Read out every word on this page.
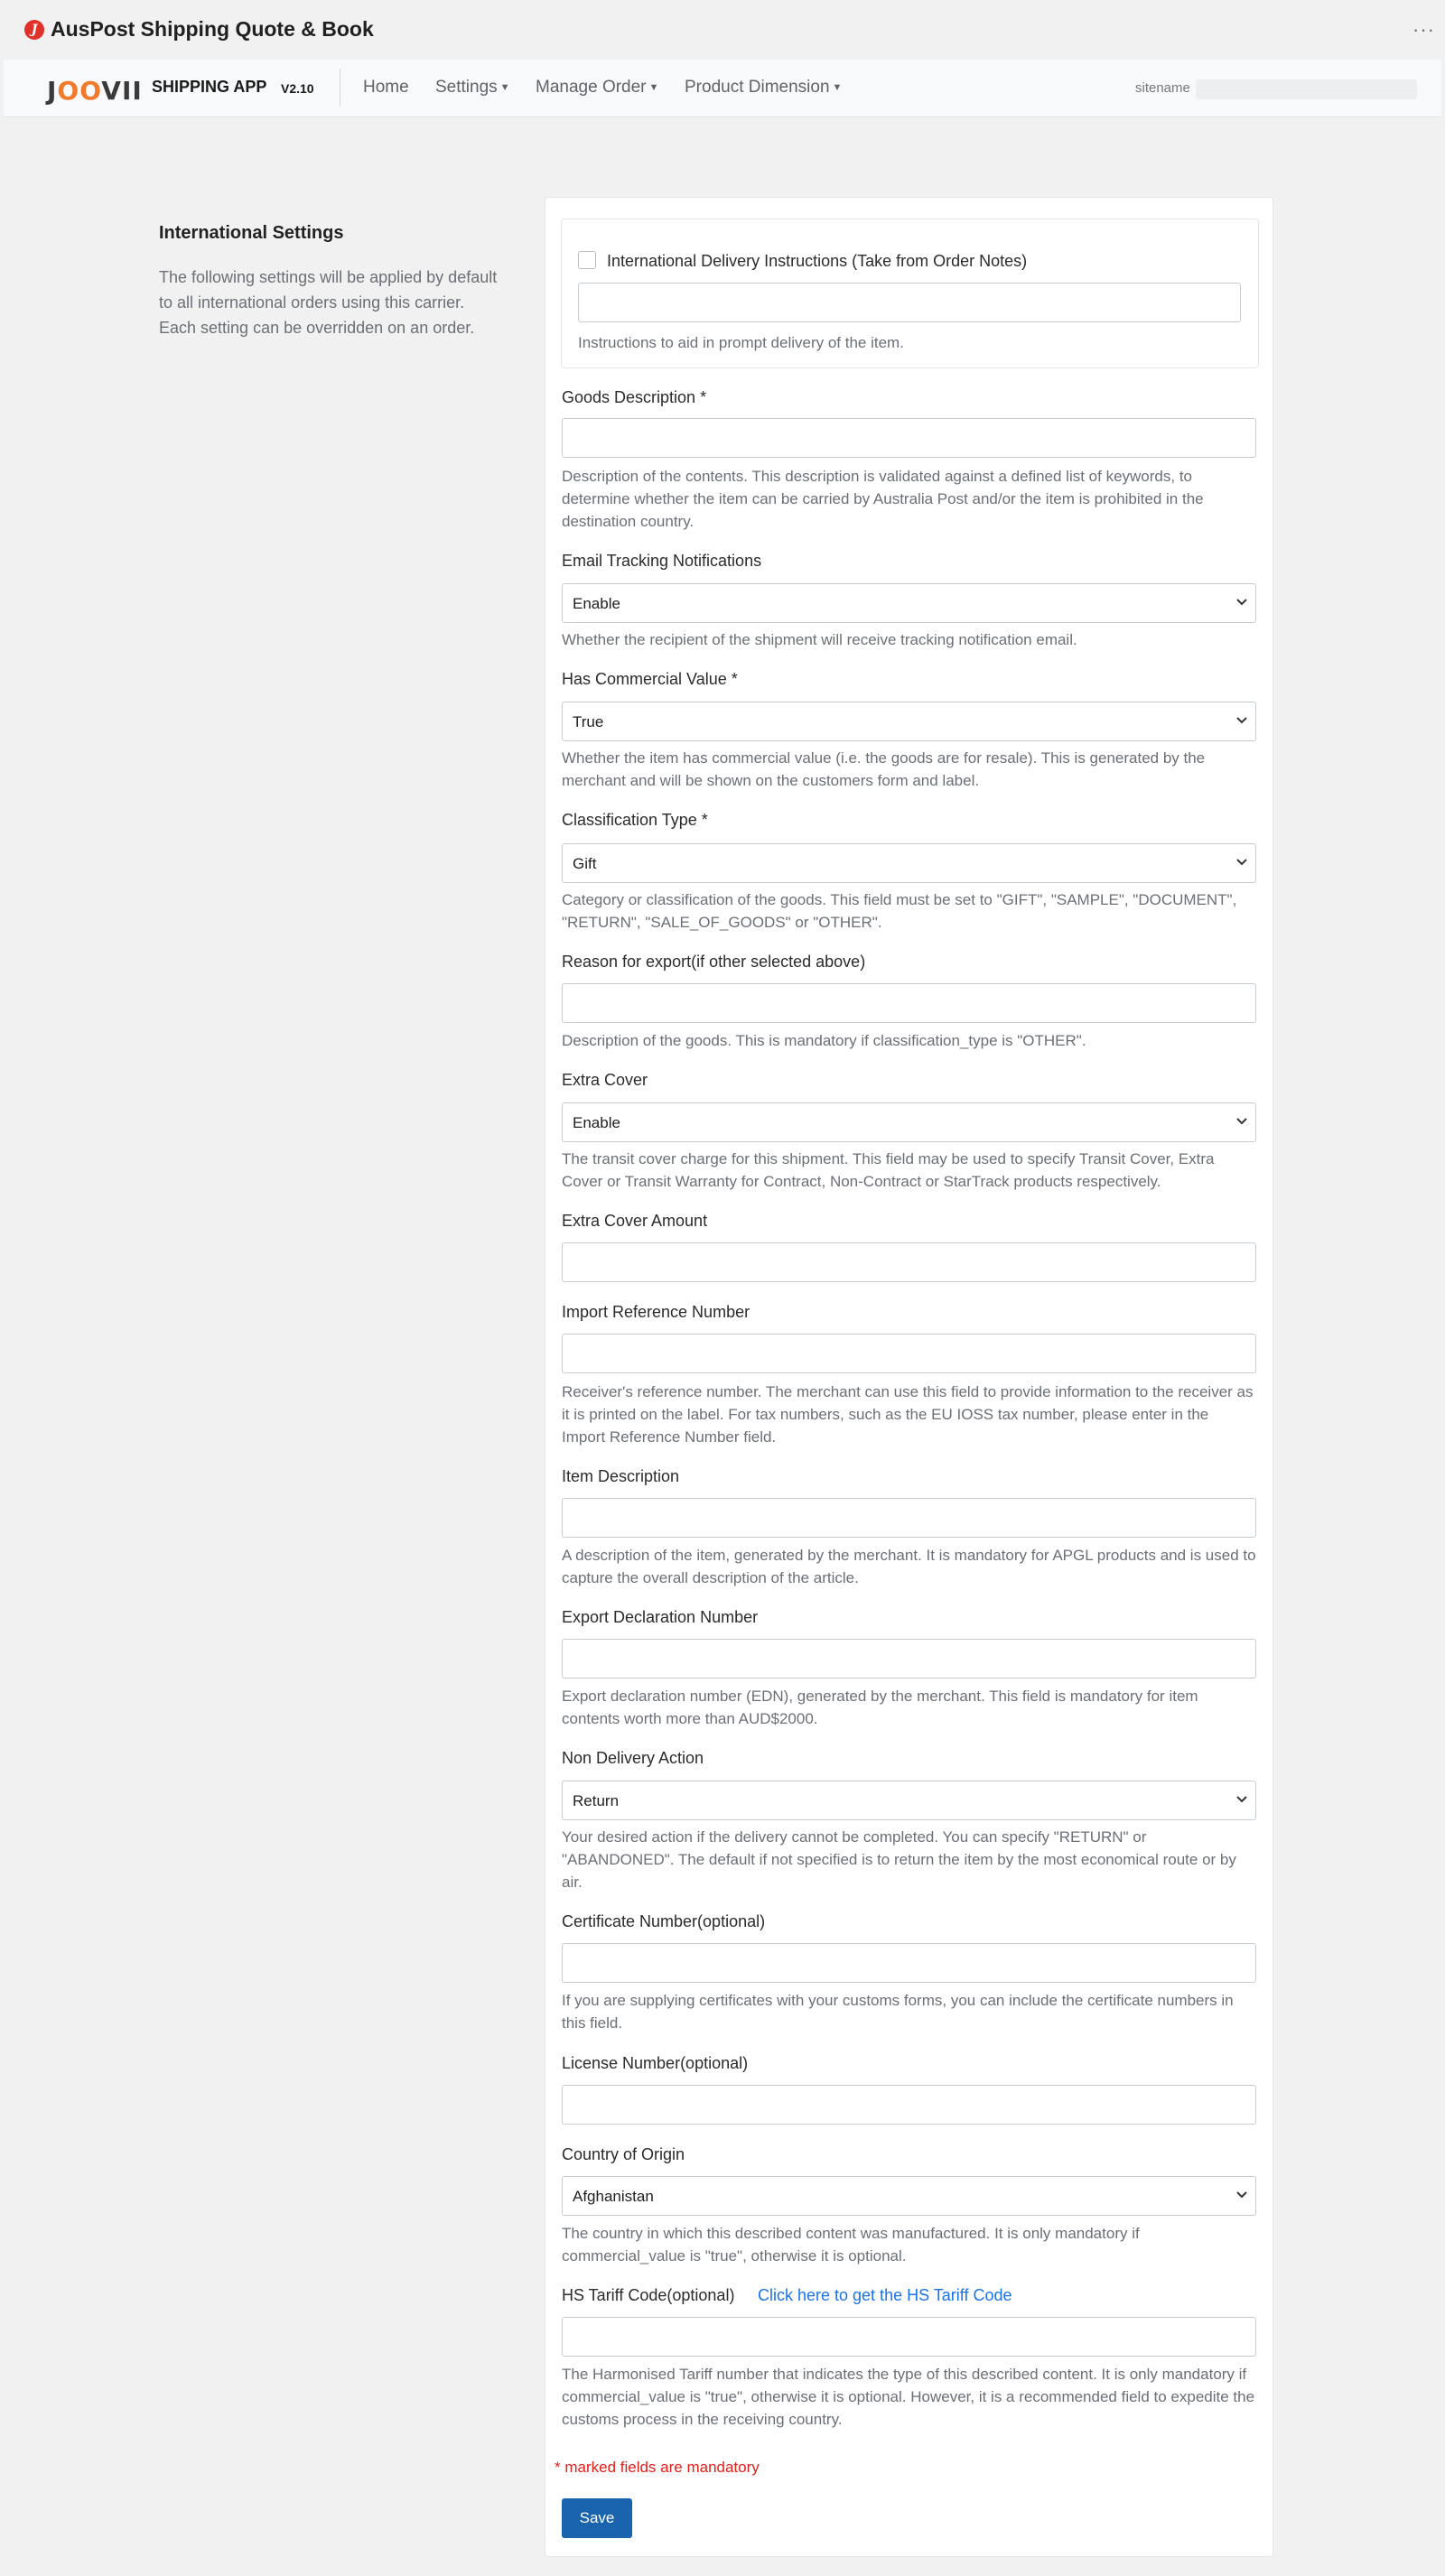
J AusPost Shipping Quote & Book	···
JOOVII SHIPPING APP V2.10	Home Settings ▼ Manage Order ▼ Product Dimension ▼	sitename
International Settings
The following settings will be applied by default to all international orders using this carrier. Each setting can be overridden on an order.
International Delivery Instructions (Take from Order Notes)
Instructions to aid in prompt delivery of the item.
Goods Description *
Description of the contents. This description is validated against a defined list of keywords, to determine whether the item can be carried by Australia Post and/or the item is prohibited in the destination country.
Email Tracking Notifications
Enable
Whether the recipient of the shipment will receive tracking notification email.
Has Commercial Value *
True
Whether the item has commercial value (i.e. the goods are for resale). This is generated by the merchant and will be shown on the customers form and label.
Classification Type *
Gift
Category or classification of the goods. This field must be set to "GIFT", "SAMPLE", "DOCUMENT", "RETURN", "SALE_OF_GOODS" or "OTHER".
Reason for export(if other selected above)
Description of the goods. This is mandatory if classification_type is "OTHER".
Extra Cover
Enable
The transit cover charge for this shipment. This field may be used to specify Transit Cover, Extra Cover or Transit Warranty for Contract, Non-Contract or StarTrack products respectively.
Extra Cover Amount
Import Reference Number
Receiver's reference number. The merchant can use this field to provide information to the receiver as it is printed on the label. For tax numbers, such as the EU IOSS tax number, please enter in the Import Reference Number field.
Item Description
A description of the item, generated by the merchant. It is mandatory for APGL products and is used to capture the overall description of the article.
Export Declaration Number
Export declaration number (EDN), generated by the merchant. This field is mandatory for item contents worth more than AUD$2000.
Non Delivery Action
Return
Your desired action if the delivery cannot be completed. You can specify "RETURN" or "ABANDONED". The default if not specified is to return the item by the most economical route or by air.
Certificate Number(optional)
If you are supplying certificates with your customs forms, you can include the certificate numbers in this field.
License Number(optional)
Country of Origin
Afghanistan
The country in which this described content was manufactured. It is only mandatory if commercial_value is "true", otherwise it is optional.
HS Tariff Code(optional) Click here to get the HS Tariff Code
The Harmonised Tariff number that indicates the type of this described content. It is only mandatory if commercial_value is "true", otherwise it is optional. However, it is a recommended field to expedite the customs process in the receiving country.
* marked fields are mandatory
Save
